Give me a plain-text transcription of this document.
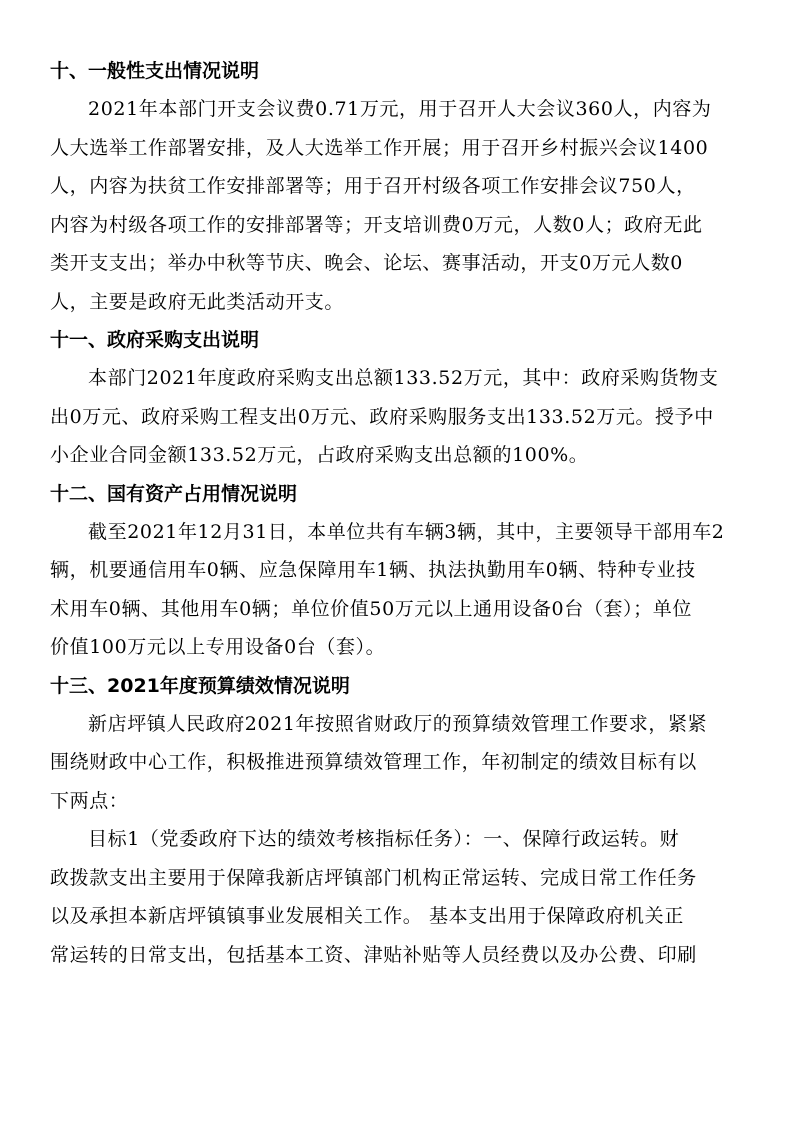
十、一般性支出情况说明
2021年本部门开支会议费0.71万元，用于召开人大会议360人，内容为
人大选举工作部署安排，及人大选举工作开展；用于召开乡村振兴会议1400
人，内容为扶贫工作安排部署等；用于召开村级各项工作安排会议750人，
内容为村级各项工作的安排部署等；开支培训费0万元，人数0人；政府无此
类开支支出；举办中秋等节庆、晚会、论坛、赛事活动，开支0万元人数0
人，主要是政府无此类活动开支。
十一、政府采购支出说明
本部门2021年度政府采购支出总额133.52万元，其中：政府采购货物支
出0万元、政府采购工程支出0万元、政府采购服务支出133.52万元。授予中
小企业合同金额133.52万元，占政府采购支出总额的100%。
十二、国有资产占用情况说明
截至2021年12月31日，本单位共有车辆3辆，其中，主要领导干部用车2
辆，机要通信用车0辆、应急保障用车1辆、执法执勤用车0辆、特种专业技
术用车0辆、其他用车0辆；单位价值50万元以上通用设备0台（套）；单位
价值100万元以上专用设备0台（套）。
十三、2021年度预算绩效情况说明
新店坪镇人民政府2021年按照省财政厅的预算绩效管理工作要求，紧紧
围绕财政中心工作，积极推进预算绩效管理工作，年初制定的绩效目标有以
下两点：
目标1（党委政府下达的绩效考核指标任务）：一、保障行政运转。财
政拨款支出主要用于保障我新店坪镇部门机构正常运转、完成日常工作任务
以及承担本新店坪镇镇事业发展相关工作。 基本支出用于保障政府机关正
常运转的日常支出，包括基本工资、津贴补贴等人员经费以及办公费、印刷
